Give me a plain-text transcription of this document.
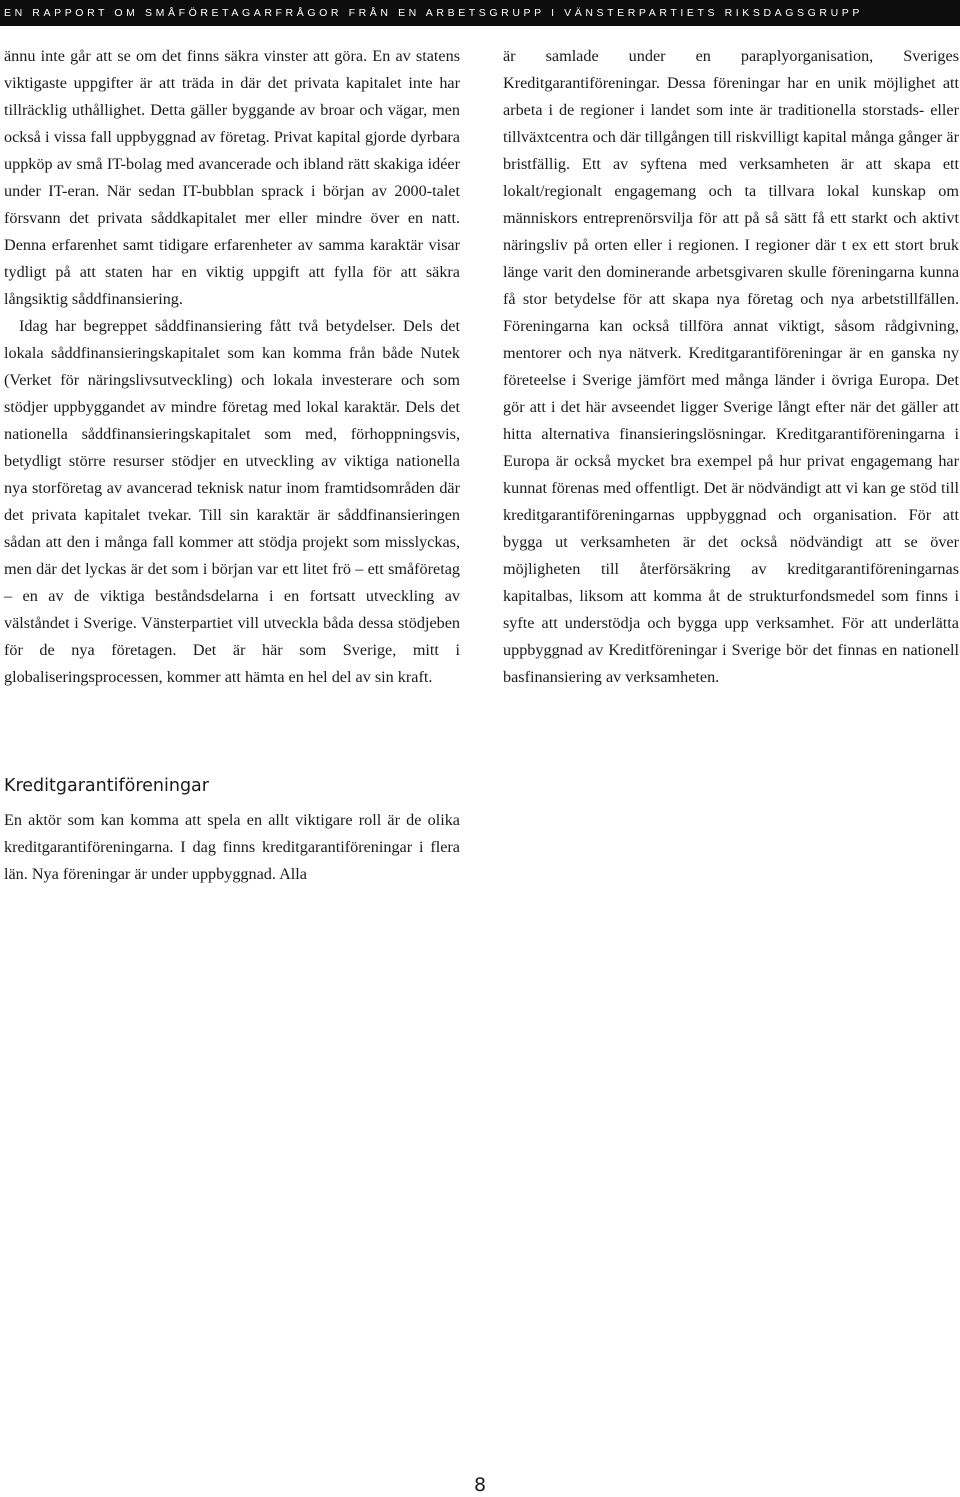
EN RAPPORT OM SMÅFÖRETAGARFRÅGOR FRÅN EN ARBETSGRUPP I VÄNSTERPARTIETS RIKSDAGSGRUPP

ännu inte går att se om det finns säkra vinster att göra. En av statens viktigaste uppgifter är att träda in där det privata kapitalet inte har tillräcklig uthållighet. Detta gäller byggande av broar och vägar, men också i vissa fall uppbyggnad av företag. Privat kapital gjorde dyrbara uppköp av små IT-bolag med avancerade och ibland rätt skakiga idéer under IT-eran. När sedan IT-bubblan sprack i början av 2000-talet försvann det privata såddkapitalet mer eller mindre över en natt. Denna erfarenhet samt tidigare erfarenheter av samma karaktär visar tydligt på att staten har en viktig uppgift att fylla för att säkra långsiktig såddfinansiering.

Idag har begreppet såddfinansiering fått två betydelser. Dels det lokala såddfinansieringskapitalet som kan komma från både Nutek (Verket för näringslivsutveckling) och lokala investerare och som stödjer uppbyggandet av mindre företag med lokal karaktär. Dels det nationella såddfinansieringskapitalet som med, förhoppningsvis, betydligt större resurser stödjer en utveckling av viktiga nationella nya storföretag av avancerad teknisk natur inom framtidsområden där det privata kapitalet tvekar. Till sin karaktär är såddfinansieringen sådan att den i många fall kommer att stödja projekt som misslyckas, men där det lyckas är det som i början var ett litet frö – ett småföretag – en av de viktiga beståndsdelarna i en fortsatt utveckling av välståndet i Sverige. Vänsterpartiet vill utveckla båda dessa stödjeben för de nya företagen. Det är här som Sverige, mitt i globaliseringsprocessen, kommer att hämta en hel del av sin kraft.

Kreditgarantiföreningar

En aktör som kan komma att spela en allt viktigare roll är de olika kreditgarantiföreningarna. I dag finns kreditgarantiföreningar i flera län. Nya föreningar är under uppbyggnad. Alla

är samlade under en paraplyorganisation, Sveriges Kreditgarantiföreningar. Dessa föreningar har en unik möjlighet att arbeta i de regioner i landet som inte är traditionella storstads- eller tillväxtcentra och där tillgången till riskvilligt kapital många gånger är bristfällig. Ett av syftena med verksamheten är att skapa ett lokalt/regionalt engagemang och ta tillvara lokal kunskap om människors entreprenörsvilja för att på så sätt få ett starkt och aktivt näringsliv på orten eller i regionen. I regioner där t ex ett stort bruk länge varit den dominerande arbetsgivaren skulle föreningarna kunna få stor betydelse för att skapa nya företag och nya arbetstillfällen. Föreningarna kan också tillföra annat viktigt, såsom rådgivning, mentorer och nya nätverk. Kreditgarantiföreningar är en ganska ny företeelse i Sverige jämfört med många länder i övriga Europa. Det gör att i det här avseendet ligger Sverige långt efter när det gäller att hitta alternativa finansieringslösningar. Kreditgarantiföreningarna i Europa är också mycket bra exempel på hur privat engagemang har kunnat förenas med offentligt. Det är nödvändigt att vi kan ge stöd till kreditgarantiföreningarnas uppbyggnad och organisation. För att bygga ut verksamheten är det också nödvändigt att se över möjligheten till återförsäkring av kreditgarantiföreningarnas kapitalbas, liksom att komma åt de strukturfondsmedel som finns i syfte att understödja och bygga upp verksamhet. För att underlätta uppbyggnad av Kreditföreningar i Sverige bör det finnas en nationell basfinansiering av verksamheten.

8
